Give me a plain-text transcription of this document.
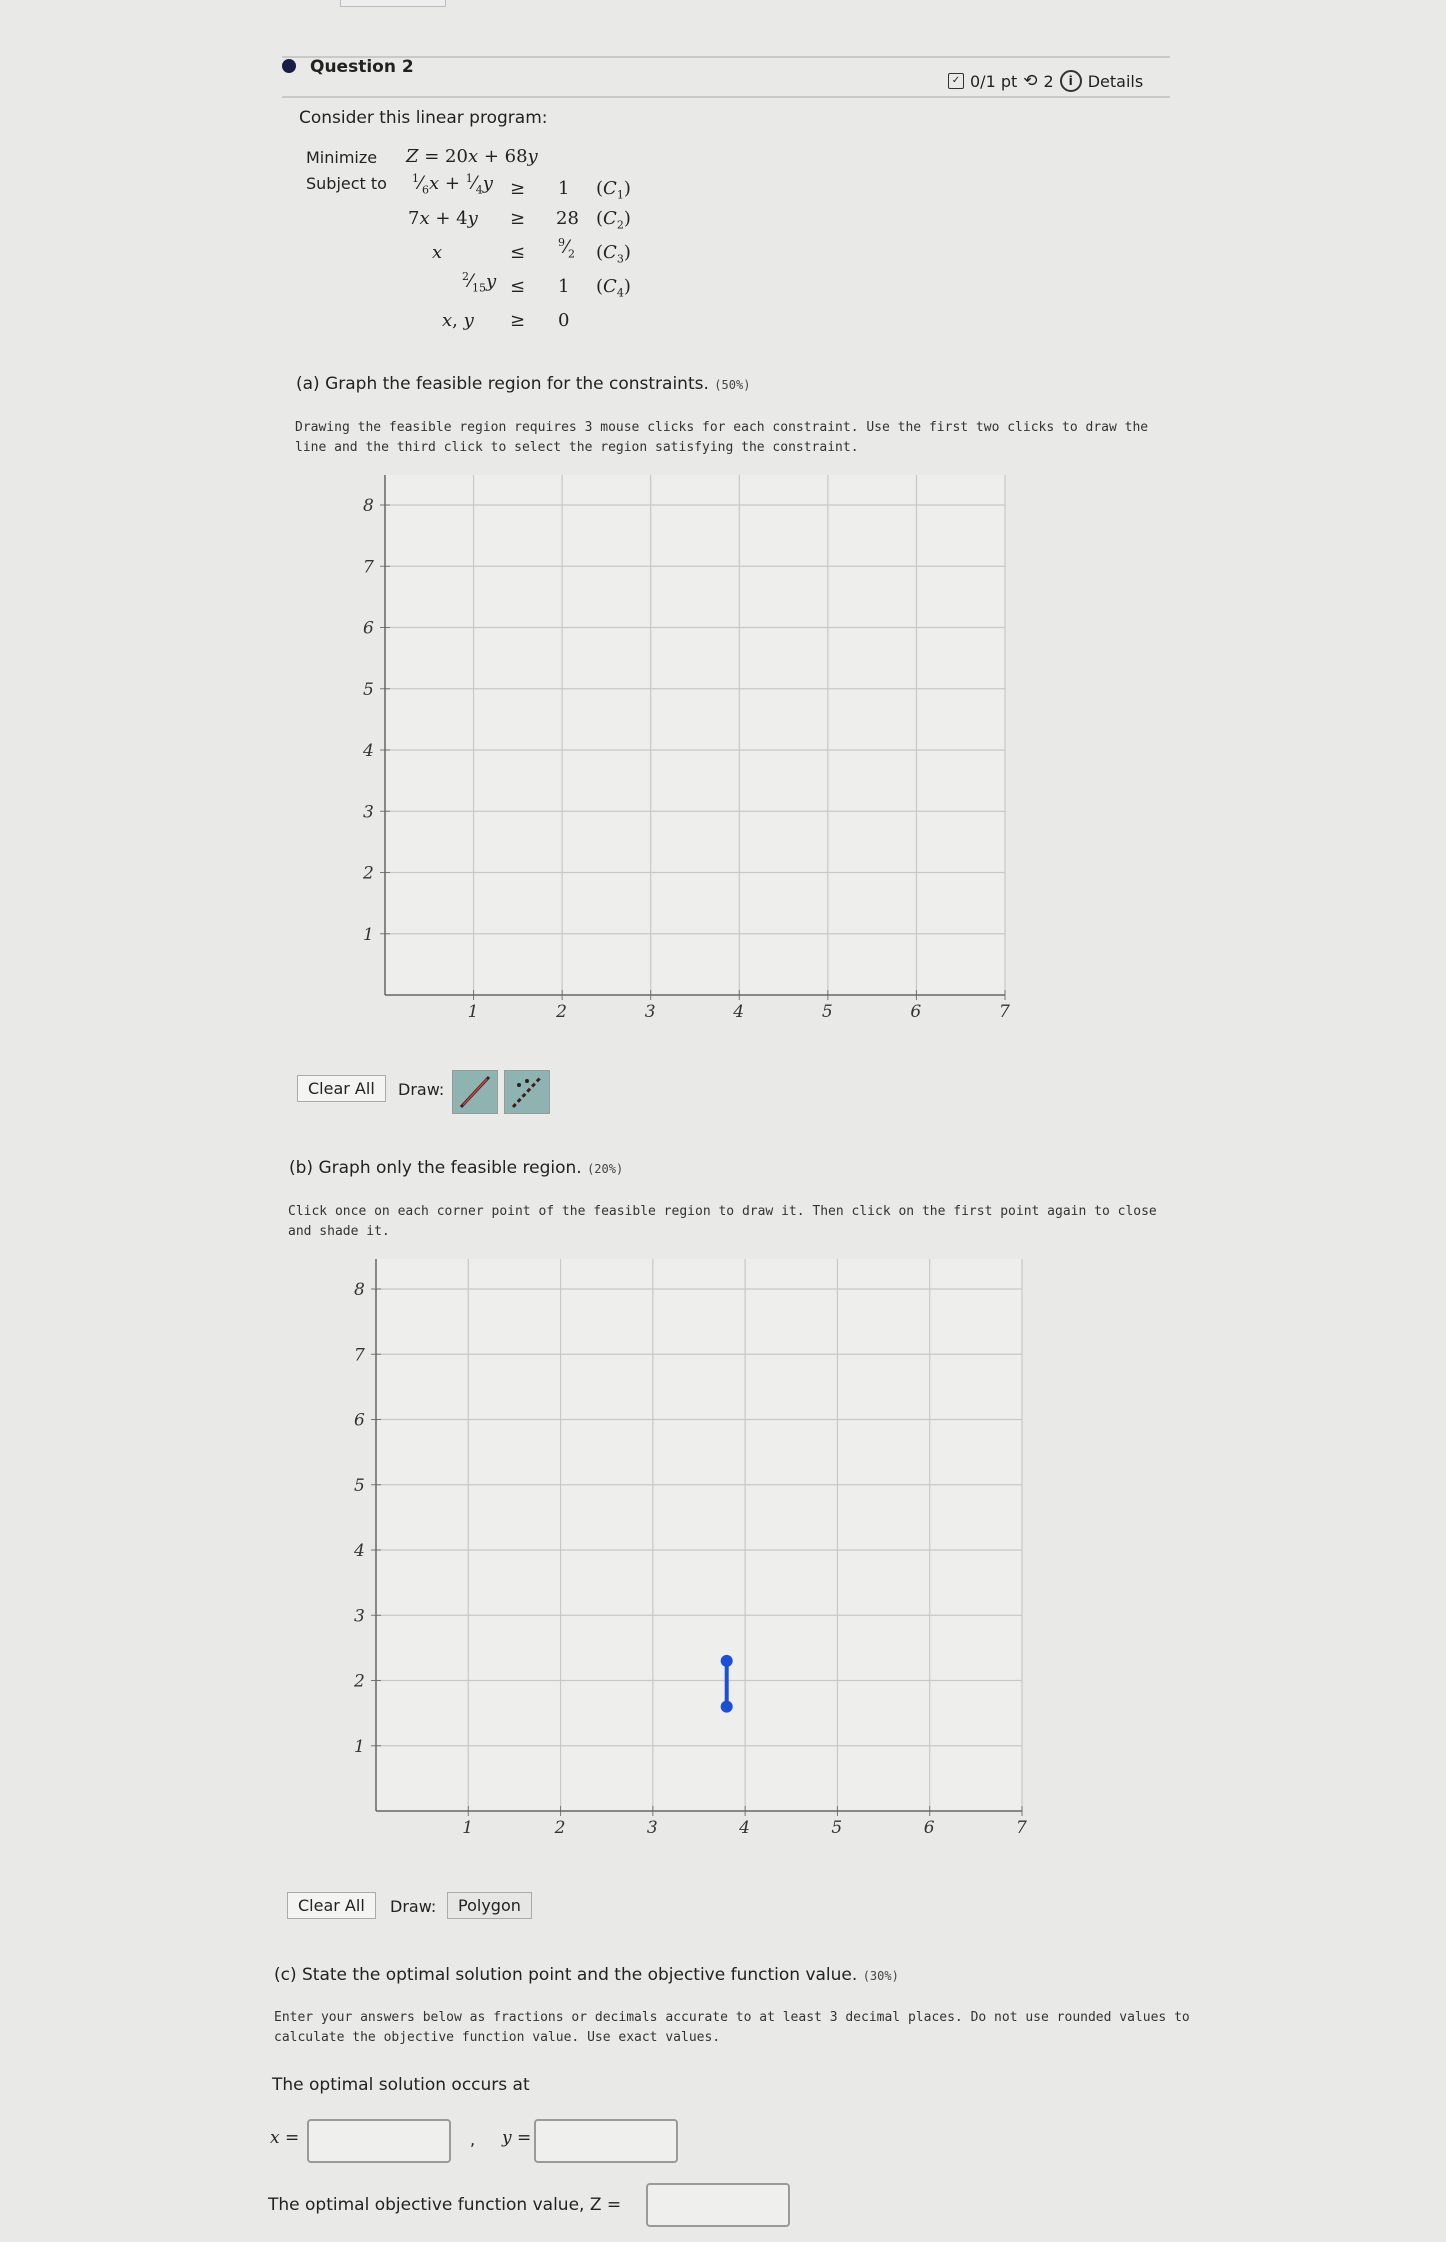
Question 2
✓ 0/1 pt ⟲ 2	i Details
Consider this linear program:
Minimize Z = 20x + 68y
Subject to $^1⁄_6x$ + $^1⁄_4y \ge 1$ $(C_1)$
7x + 4y ≥ 28 $(C_2)$
x	≤	$^9⁄_2$ $(C_3)$
$^2⁄_{15}y \le 1$ $(C_4)$
x, y ≥ 0
(a) Graph the feasible region for the constraints. (50%)
Drawing the feasible region requires 3 mouse clicks for each constraint. Use the first two clicks to draw the line and the third click to select the region satisfying the constraint.
1	2	3	4	5	6	7
1
2
3
4
5
6
7
8
Clear All	Draw:
(b) Graph only the feasible region. (20%)
Click once on each corner point of the feasible region to draw it. Then click on the first point again to close and shade it.
1	2	3	4	5	6	7
1
2
3
4
5
6
7
8
Clear All	Draw:	Polygon
(c) State the optimal solution point and the objective function value. (30%)
Enter your answers below as fractions or decimals accurate to at least 3 decimal places. Do not use rounded values to calculate the objective function value. Use exact values.
The optimal solution occurs at
x =	, y =
The optimal objective function value, Z =
